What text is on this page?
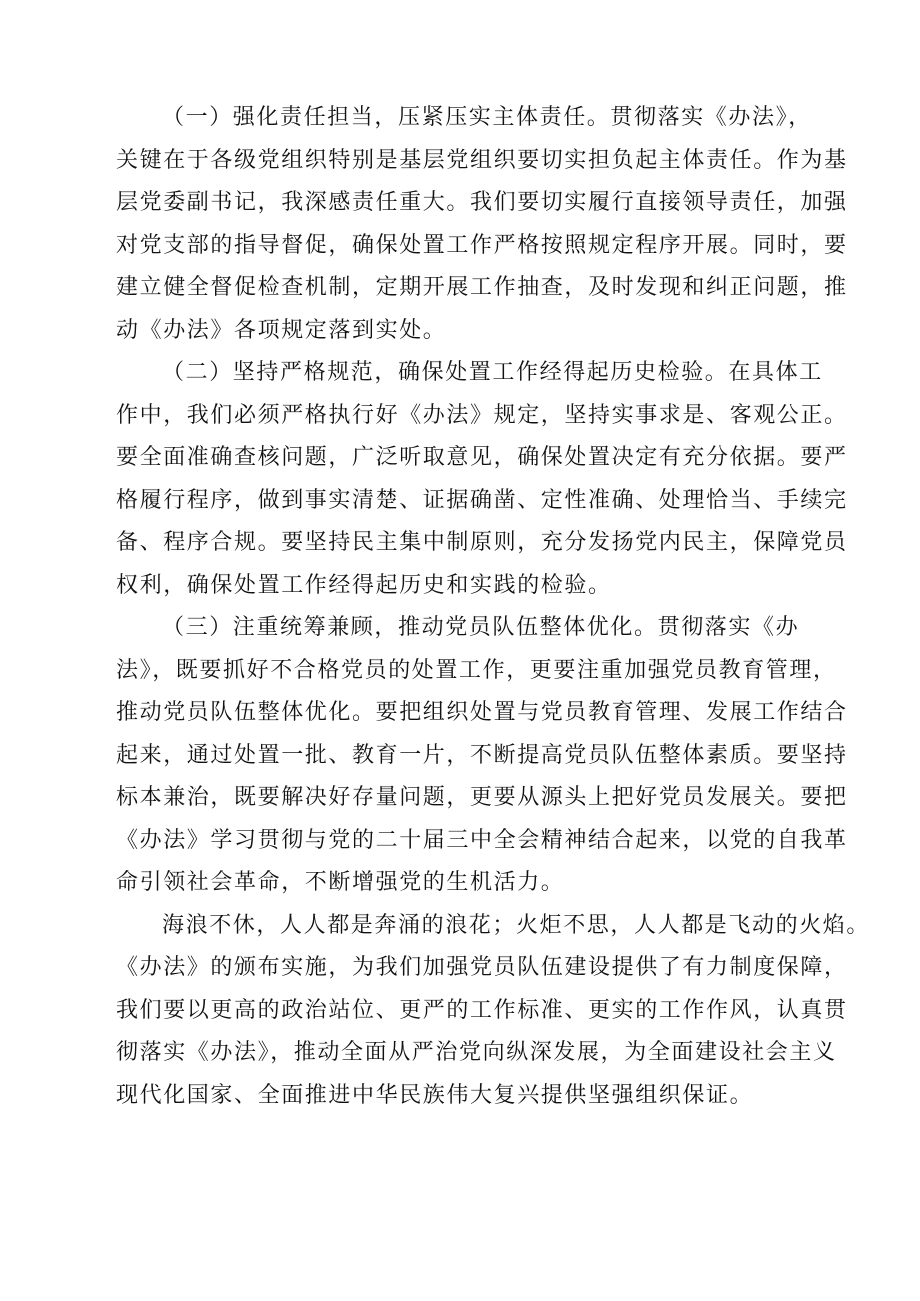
（一）强化责任担当，压紧压实主体责任。贯彻落实《办法》，
关键在于各级党组织特别是基层党组织要切实担负起主体责任。作为基
层党委副书记，我深感责任重大。我们要切实履行直接领导责任，加强
对党支部的指导督促，确保处置工作严格按照规定程序开展。同时，要
建立健全督促检查机制，定期开展工作抽查，及时发现和纠正问题，推
动《办法》各项规定落到实处。
（二）坚持严格规范，确保处置工作经得起历史检验。在具体工
作中，我们必须严格执行好《办法》规定，坚持实事求是、客观公正。
要全面准确查核问题，广泛听取意见，确保处置决定有充分依据。要严
格履行程序，做到事实清楚、证据确凿、定性准确、处理恰当、手续完
备、程序合规。要坚持民主集中制原则，充分发扬党内民主，保障党员
权利，确保处置工作经得起历史和实践的检验。
（三）注重统筹兼顾，推动党员队伍整体优化。贯彻落实《办
法》，既要抓好不合格党员的处置工作，更要注重加强党员教育管理，
推动党员队伍整体优化。要把组织处置与党员教育管理、发展工作结合
起来，通过处置一批、教育一片，不断提高党员队伍整体素质。要坚持
标本兼治，既要解决好存量问题，更要从源头上把好党员发展关。要把
《办法》学习贯彻与党的二十届三中全会精神结合起来，以党的自我革
命引领社会革命，不断增强党的生机活力。
海浪不休，人人都是奔涌的浪花；火炬不思，人人都是飞动的火焰。
《办法》的颁布实施，为我们加强党员队伍建设提供了有力制度保障，
我们要以更高的政治站位、更严的工作标准、更实的工作作风，认真贯
彻落实《办法》，推动全面从严治党向纵深发展，为全面建设社会主义
现代化国家、全面推进中华民族伟大复兴提供坚强组织保证。
